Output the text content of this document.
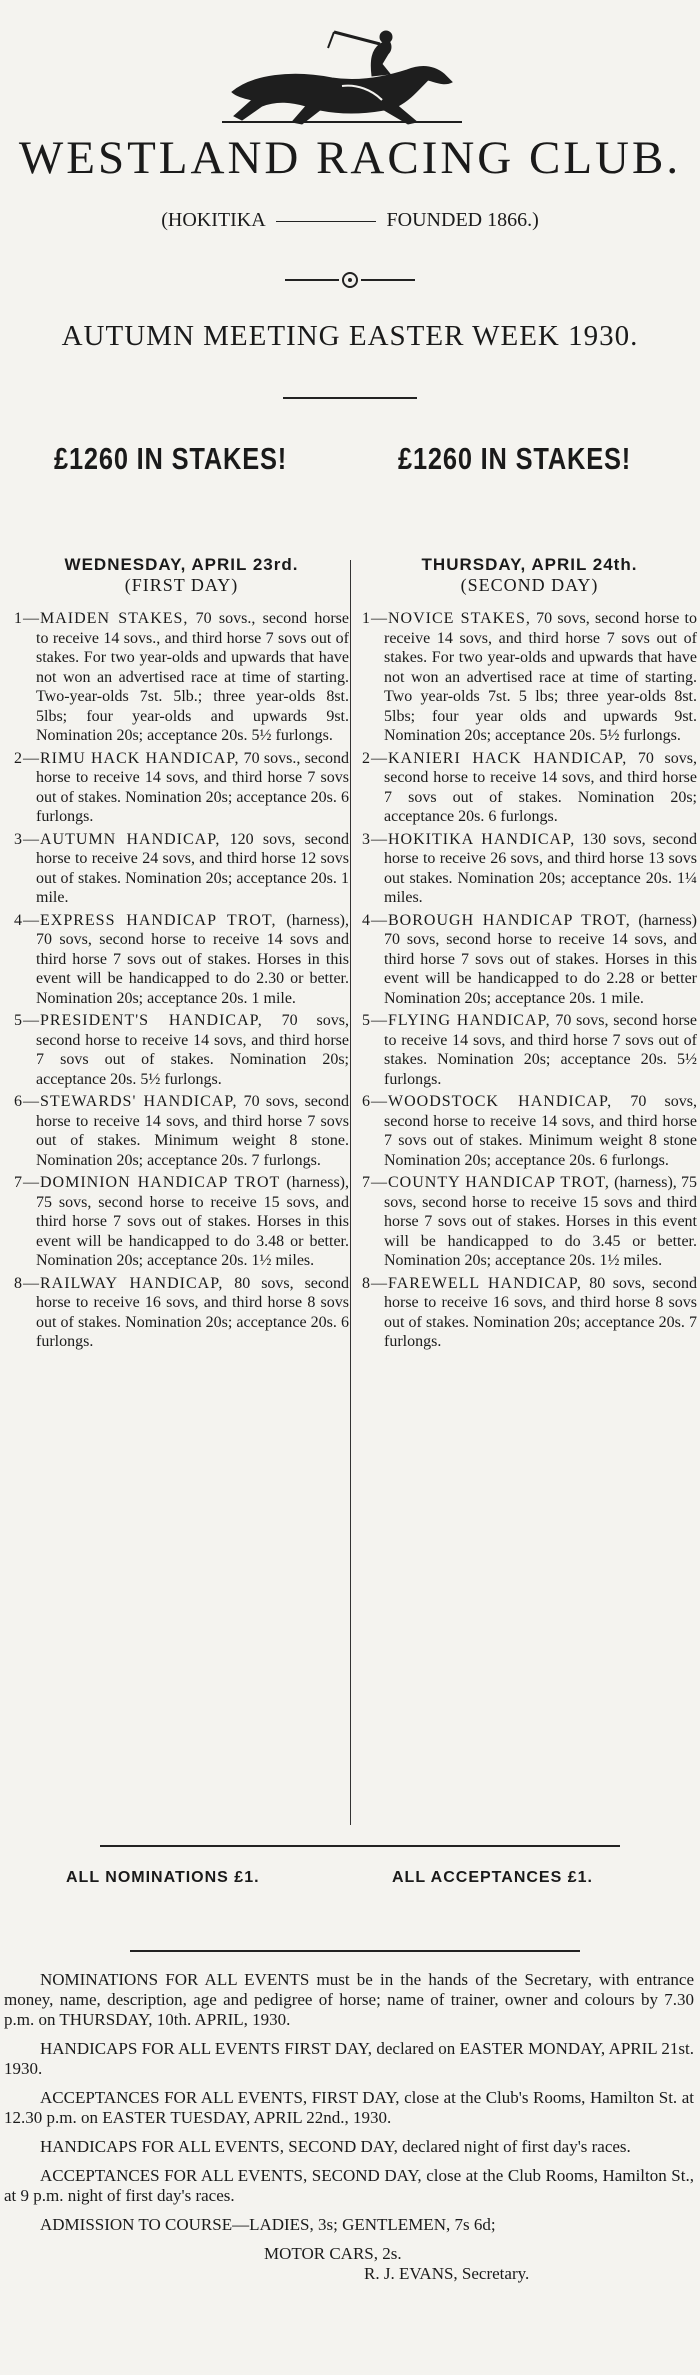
WESTLAND RACING CLUB.
(HOKITIKA	FOUNDED 1866.)
AUTUMN MEETING EASTER WEEK 1930.
£1260 IN STAKES!	£1260 IN STAKES!
WEDNESDAY, APRIL 23rd.
(FIRST DAY)
1—MAIDEN STAKES, 70 sovs., second horse to receive 14 sovs., and third horse 7 sovs out of stakes. For two year-olds and upwards that have not won an advertised race at time of starting. Two-year-olds 7st. 5lb.; three year-olds 8st. 5lbs; four year-olds and upwards 9st. Nomination 20s; acceptance 20s. 5½ furlongs.
2—RIMU HACK HANDICAP, 70 sovs., second horse to receive 14 sovs, and third horse 7 sovs out of stakes. Nomination 20s; acceptance 20s. 6 furlongs.
3—AUTUMN HANDICAP, 120 sovs, second horse to receive 24 sovs, and third horse 12 sovs out of stakes. Nomination 20s; acceptance 20s. 1 mile.
4—EXPRESS HANDICAP TROT, (harness), 70 sovs, second horse to receive 14 sovs and third horse 7 sovs out of stakes. Horses in this event will be handicapped to do 2.30 or better. Nomination 20s; acceptance 20s. 1 mile.
5—PRESIDENT'S HANDICAP, 70 sovs, second horse to receive 14 sovs, and third horse 7 sovs out of stakes. Nomination 20s; acceptance 20s. 5½ furlongs.
6—STEWARDS' HANDICAP, 70 sovs, second horse to receive 14 sovs, and third horse 7 sovs out of stakes. Minimum weight 8 stone. Nomination 20s; acceptance 20s. 7 furlongs.
7—DOMINION HANDICAP TROT (harness), 75 sovs, second horse to receive 15 sovs, and third horse 7 sovs out of stakes. Horses in this event will be handicapped to do 3.48 or better. Nomination 20s; acceptance 20s. 1½ miles.
8—RAILWAY HANDICAP, 80 sovs, second horse to receive 16 sovs, and third horse 8 sovs out of stakes. Nomination 20s; acceptance 20s. 6 furlongs.
THURSDAY, APRIL 24th.
(SECOND DAY)
1—NOVICE STAKES, 70 sovs, second horse to receive 14 sovs, and third horse 7 sovs out of stakes. For two year-olds and upwards that have not won an advertised race at time of starting. Two year-olds 7st. 5 lbs; three year-olds 8st. 5lbs; four year olds and upwards 9st. Nomination 20s; acceptance 20s. 5½ furlongs.
2—KANIERI HACK HANDICAP, 70 sovs, second horse to receive 14 sovs, and third horse 7 sovs out of stakes. Nomination 20s; acceptance 20s. 6 furlongs.
3—HOKITIKA HANDICAP, 130 sovs, second horse to receive 26 sovs, and third horse 13 sovs out stakes. Nomination 20s; acceptance 20s. 1¼ miles.
4—BOROUGH HANDICAP TROT, (harness) 70 sovs, second horse to receive 14 sovs, and third horse 7 sovs out of stakes. Horses in this event will be handicapped to do 2.28 or better Nomination 20s; acceptance 20s. 1 mile.
5—FLYING HANDICAP, 70 sovs, second horse to receive 14 sovs, and third horse 7 sovs out of stakes. Nomination 20s; acceptance 20s. 5½ furlongs.
6—WOODSTOCK HANDICAP, 70 sovs, second horse to receive 14 sovs, and third horse 7 sovs out of stakes. Minimum weight 8 stone Nomination 20s; acceptance 20s. 6 furlongs.
7—COUNTY HANDICAP TROT, (harness), 75 sovs, second horse to receive 15 sovs and third horse 7 sovs out of stakes. Horses in this event will be handicapped to do 3.45 or better. Nomination 20s; acceptance 20s. 1½ miles.
8—FAREWELL HANDICAP, 80 sovs, second horse to receive 16 sovs, and third horse 8 sovs out of stakes. Nomination 20s; acceptance 20s. 7 furlongs.
ALL NOMINATIONS £1.	ALL ACCEPTANCES £1.
NOMINATIONS FOR ALL EVENTS must be in the hands of the Secretary, with entrance money, name, description, age and pedigree of horse; name of trainer, owner and colours by 7.30 p.m. on THURSDAY, 10th. APRIL, 1930.
HANDICAPS FOR ALL EVENTS FIRST DAY, declared on EASTER MONDAY, APRIL 21st. 1930.
ACCEPTANCES FOR ALL EVENTS, FIRST DAY, close at the Club's Rooms, Hamilton St. at 12.30 p.m. on EASTER TUESDAY, APRIL 22nd., 1930.
HANDICAPS FOR ALL EVENTS, SECOND DAY, declared night of first day's races.
ACCEPTANCES FOR ALL EVENTS, SECOND DAY, close at the Club Rooms, Hamilton St., at 9 p.m. night of first day's races.
ADMISSION TO COURSE—LADIES, 3s; GENTLEMEN, 7s 6d;
MOTOR CARS, 2s.
R. J. EVANS, Secretary.
